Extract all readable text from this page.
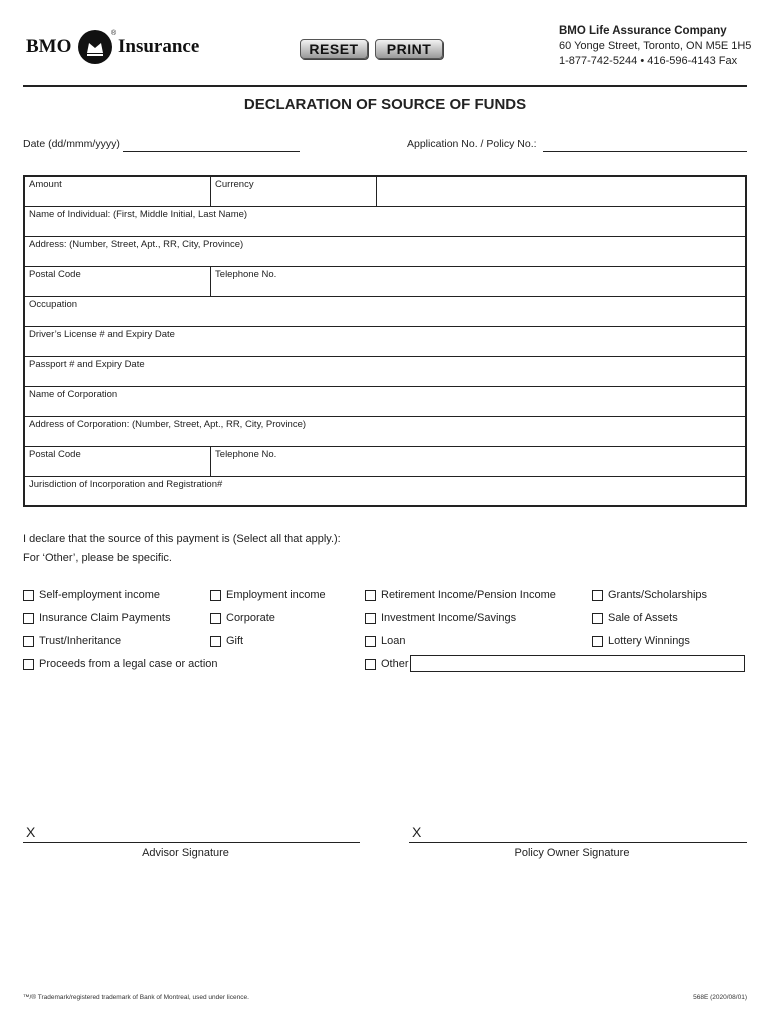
BMO
®
Insurance	RESET	PRINT
BMO Life Assurance Company
60 Yonge Street, Toronto, ON M5E 1H5
1-877-742-5244 • 416-596-4143 Fax
DECLARATION OF SOURCE OF FUNDS
Date (dd/mmm/yyyy)	Application No. / Policy No.:
Amount	Currency	
Name of Individual: (First, Middle Initial, Last Name)		
Address: (Number, Street, Apt., RR, City, Province)		
Postal Code	Telephone No.	
Occupation		
Driver’s License # and Expiry Date		
Passport # and Expiry Date		
Name of Corporation		
Address of Corporation: (Number, Street, Apt., RR, City, Province)		
Postal Code	Telephone No.	
Jurisdiction of Incorporation and Registration#		
I declare that the source of this payment is (Select all that apply.):
For ‘Other’, please be specific.
Self-employment income	Employment income	Retirement Income/Pension Income	Grants/Scholarships
Insurance Claim Payments	Corporate	Investment Income/Savings	Sale of Assets
Trust/Inheritance	Gift	Loan	Lottery Winnings
Proceeds from a legal case or action	Other
X
Advisor Signature
X
Policy Owner Signature
™/® Trademark/registered trademark of Bank of Montreal, used under licence.	568E (2020/08/01)
